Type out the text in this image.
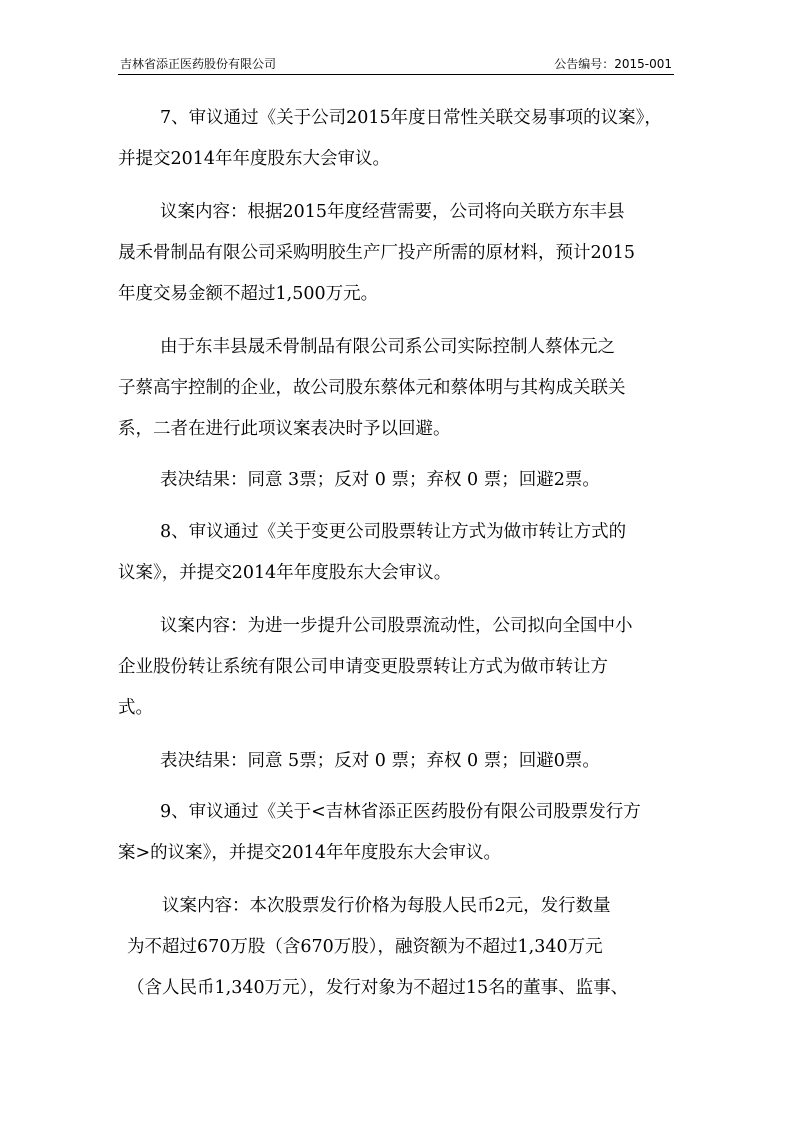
吉林省添正医药股份有限公司	公告编号：2015-001
7、审议通过《关于公司2015年度日常性关联交易事项的议案》，
并提交2014年年度股东大会审议。
议案内容：根据2015年度经营需要，公司将向关联方东丰县
晟禾骨制品有限公司采购明胶生产厂投产所需的原材料，预计2015
年度交易金额不超过1,500万元。
由于东丰县晟禾骨制品有限公司系公司实际控制人蔡体元之
子蔡高宇控制的企业，故公司股东蔡体元和蔡体明与其构成关联关
系，二者在进行此项议案表决时予以回避。
表决结果：同意 3票；反对 0 票；弃权 0 票；回避2票。
8、审议通过《关于变更公司股票转让方式为做市转让方式的
议案》，并提交2014年年度股东大会审议。
议案内容：为进一步提升公司股票流动性，公司拟向全国中小
企业股份转让系统有限公司申请变更股票转让方式为做市转让方
式。
表决结果：同意 5票；反对 0 票；弃权 0 票；回避0票。
9、审议通过《关于<吉林省添正医药股份有限公司股票发行方
案>的议案》，并提交2014年年度股东大会审议。
议案内容：本次股票发行价格为每股人民币2元，发行数量
为不超过670万股（含670万股），融资额为不超过1,340万元
（含人民币1,340万元），发行对象为不超过15名的董事、监事、
